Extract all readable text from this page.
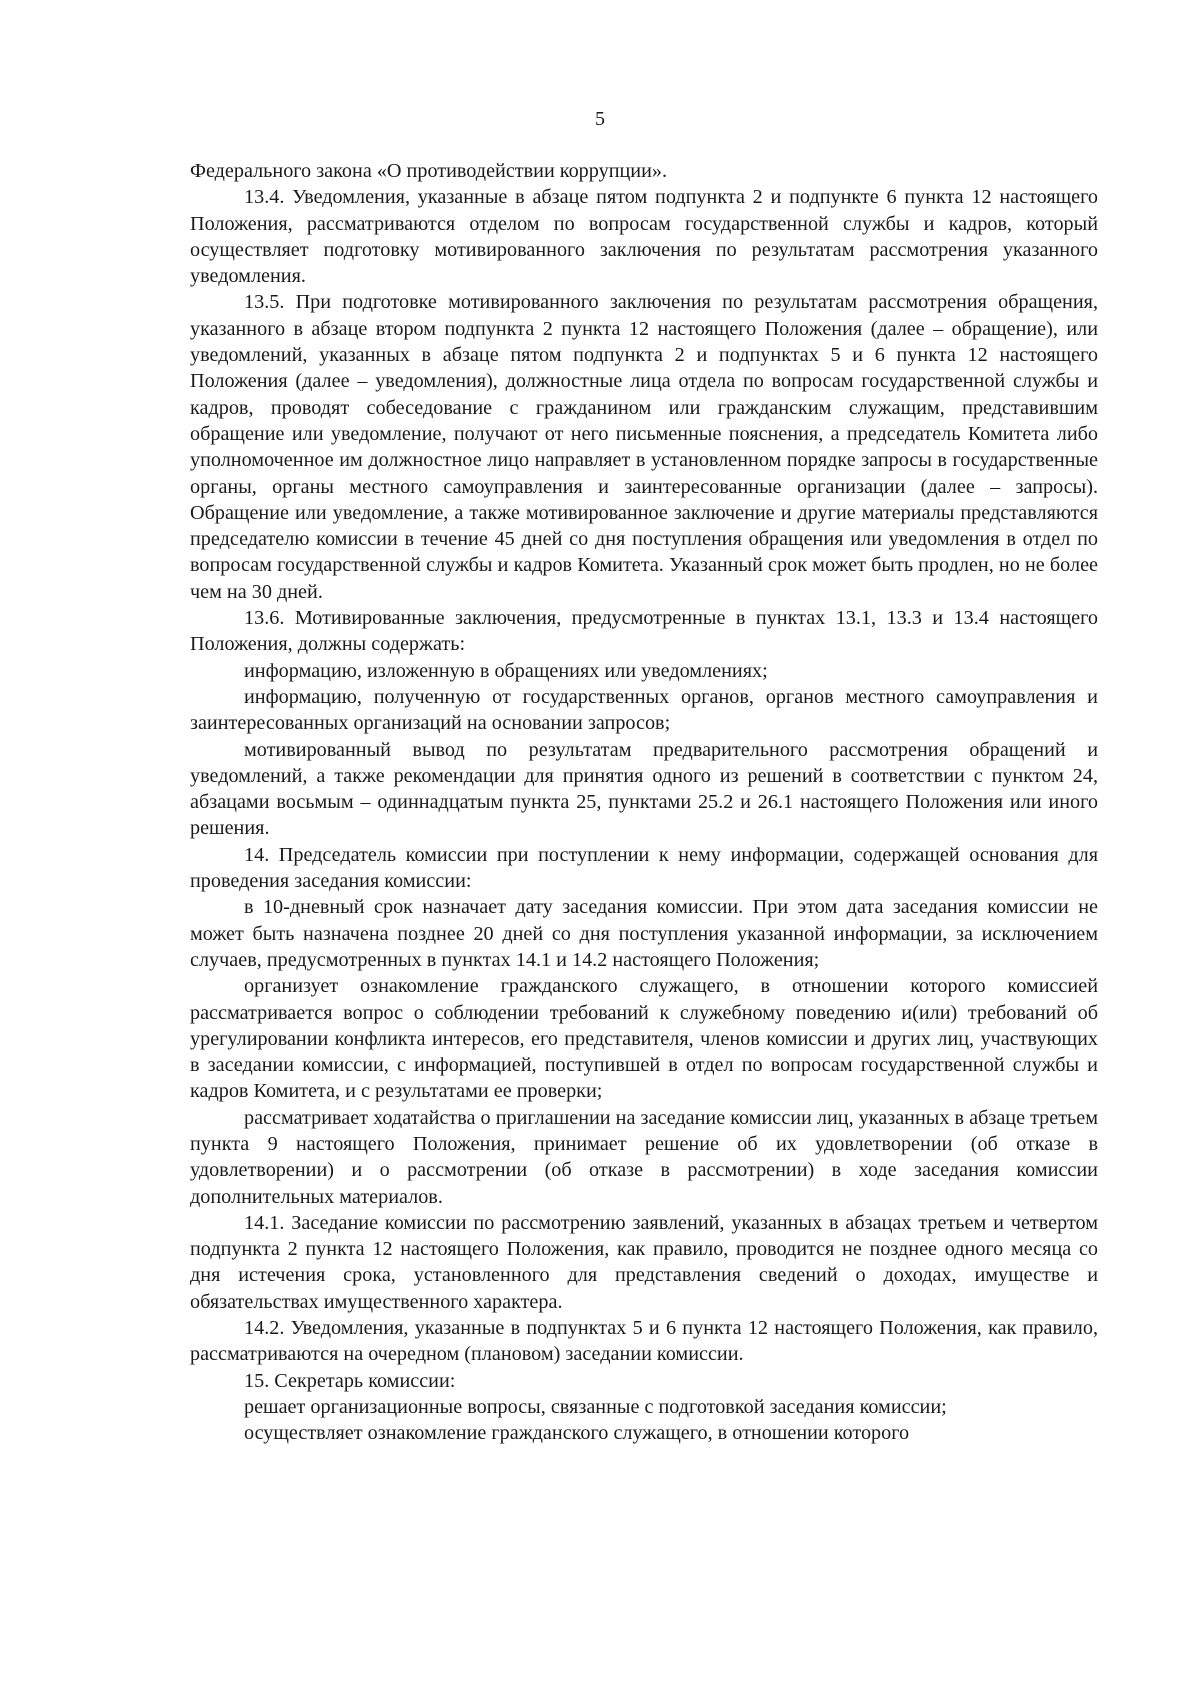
5

Федерального закона «О противодействии коррупции».

13.4. Уведомления, указанные в абзаце пятом подпункта 2 и подпункте 6 пункта 12 настоящего Положения, рассматриваются отделом по вопросам государственной службы и кадров, который осуществляет подготовку мотивированного заключения по результатам рассмотрения указанного уведомления.

13.5. При подготовке мотивированного заключения по результатам рассмотрения обращения, указанного в абзаце втором подпункта 2 пункта 12 настоящего Положения (далее – обращение), или уведомлений, указанных в абзаце пятом подпункта 2 и подпунктах 5 и 6 пункта 12 настоящего Положения (далее – уведомления), должностные лица отдела по вопросам государственной службы и кадров, проводят собеседование с гражданином или гражданским служащим, представившим обращение или уведомление, получают от него письменные пояснения, а председатель Комитета либо уполномоченное им должностное лицо направляет в установленном порядке запросы в государственные органы, органы местного самоуправления и заинтересованные организации (далее – запросы). Обращение или уведомление, а также мотивированное заключение и другие материалы представляются председателю комиссии в течение 45 дней со дня поступления обращения или уведомления в отдел по вопросам государственной службы и кадров Комитета. Указанный срок может быть продлен, но не более чем на 30 дней.

13.6. Мотивированные заключения, предусмотренные в пунктах 13.1, 13.3 и 13.4 настоящего Положения, должны содержать:

информацию, изложенную в обращениях или уведомлениях;

информацию, полученную от государственных органов, органов местного самоуправления и заинтересованных организаций на основании запросов;

мотивированный вывод по результатам предварительного рассмотрения обращений и уведомлений, а также рекомендации для принятия одного из решений в соответствии с пунктом 24, абзацами восьмым – одиннадцатым пункта 25, пунктами 25.2 и 26.1 настоящего Положения или иного решения.

14. Председатель комиссии при поступлении к нему информации, содержащей основания для проведения заседания комиссии:

в 10-дневный срок назначает дату заседания комиссии. При этом дата заседания комиссии не может быть назначена позднее 20 дней со дня поступления указанной информации, за исключением случаев, предусмотренных в пунктах 14.1 и 14.2 настоящего Положения;

организует ознакомление гражданского служащего, в отношении которого комиссией рассматривается вопрос о соблюдении требований к служебному поведению и(или) требований об урегулировании конфликта интересов, его представителя, членов комиссии и других лиц, участвующих в заседании комиссии, с информацией, поступившей в отдел по вопросам государственной службы и кадров Комитета, и с результатами ее проверки;

рассматривает ходатайства о приглашении на заседание комиссии лиц, указанных в абзаце третьем пункта 9 настоящего Положения, принимает решение об их удовлетворении (об отказе в удовлетворении) и о рассмотрении (об отказе в рассмотрении) в ходе заседания комиссии дополнительных материалов.

14.1. Заседание комиссии по рассмотрению заявлений, указанных в абзацах третьем и четвертом подпункта 2 пункта 12 настоящего Положения, как правило, проводится не позднее одного месяца со дня истечения срока, установленного для представления сведений о доходах, имуществе и обязательствах имущественного характера.

14.2. Уведомления, указанные в подпунктах 5 и 6 пункта 12 настоящего Положения, как правило, рассматриваются на очередном (плановом) заседании комиссии.

15. Секретарь комиссии:

решает организационные вопросы, связанные с подготовкой заседания комиссии;

осуществляет ознакомление гражданского служащего, в отношении которого
